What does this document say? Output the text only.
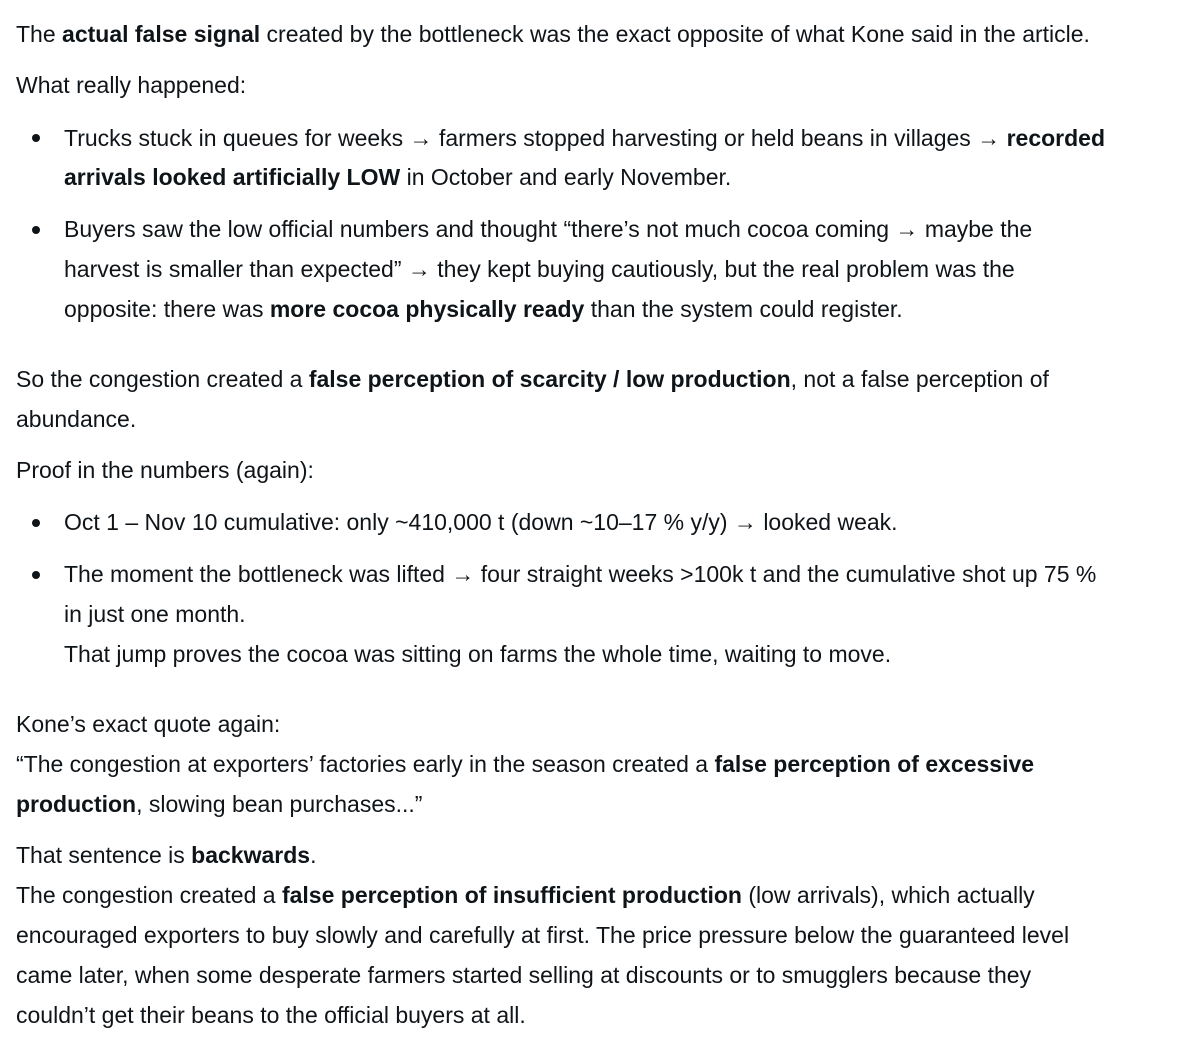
The actual false signal created by the bottleneck was the exact opposite of what Kone said in the article.
What really happened:
Trucks stuck in queues for weeks → farmers stopped harvesting or held beans in villages → recorded
arrivals looked artificially LOW in October and early November.
Buyers saw the low official numbers and thought “there’s not much cocoa coming → maybe the
harvest is smaller than expected” → they kept buying cautiously, but the real problem was the
opposite: there was more cocoa physically ready than the system could register.
So the congestion created a false perception of scarcity / low production, not a false perception of
abundance.
Proof in the numbers (again):
Oct 1 – Nov 10 cumulative: only ~410,000 t (down ~10–17 % y/y) → looked weak.
The moment the bottleneck was lifted → four straight weeks >100k t and the cumulative shot up 75 %
in just one month.
That jump proves the cocoa was sitting on farms the whole time, waiting to move.
Kone’s exact quote again:
“The congestion at exporters’ factories early in the season created a false perception of excessive
production, slowing bean purchases...”
That sentence is backwards.
The congestion created a false perception of insufficient production (low arrivals), which actually
encouraged exporters to buy slowly and carefully at first. The price pressure below the guaranteed level
came later, when some desperate farmers started selling at discounts or to smugglers because they
couldn’t get their beans to the official buyers at all.
